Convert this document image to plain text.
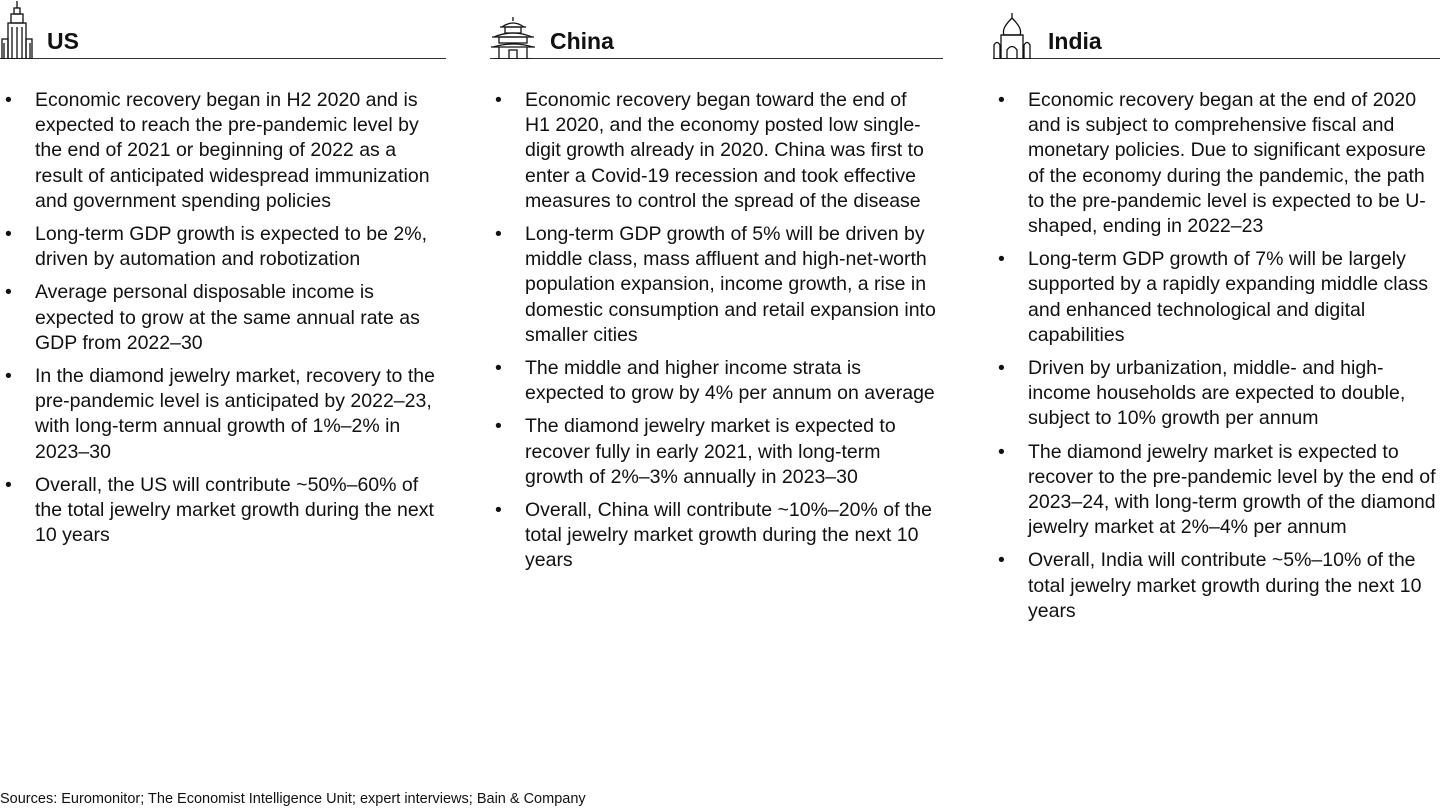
US
• Economic recovery began in H2 2020 and is expected to reach the pre-pandemic level by the end of 2021 or beginning of 2022 as a result of anticipated widespread immunization and government spending policies
• Long-term GDP growth is expected to be 2%, driven by automation and robotization
• Average personal disposable income is expected to grow at the same annual rate as GDP from 2022–30
• In the diamond jewelry market, recovery to the pre-pandemic level is anticipated by 2022–23, with long-term annual growth of 1%–2% in 2023–30
• Overall, the US will contribute ~50%–60% of the total jewelry market growth during the next 10 years
China
• Economic recovery began toward the end of H1 2020, and the economy posted low single-digit growth already in 2020. China was first to enter a Covid-19 recession and took effective measures to control the spread of the disease
• Long-term GDP growth of 5% will be driven by middle class, mass affluent and high-net-worth population expansion, income growth, a rise in domestic consumption and retail expansion into smaller cities
• The middle and higher income strata is expected to grow by 4% per annum on average
• The diamond jewelry market is expected to recover fully in early 2021, with long-term growth of 2%–3% annually in 2023–30
• Overall, China will contribute ~10%–20% of the total jewelry market growth during the next 10 years
India
• Economic recovery began at the end of 2020 and is subject to comprehensive fiscal and monetary policies. Due to significant exposure of the economy during the pandemic, the path to the pre-pandemic level is expected to be U-shaped, ending in 2022–23
• Long-term GDP growth of 7% will be largely supported by a rapidly expanding middle class and enhanced technological and digital capabilities
• Driven by urbanization, middle- and high-income households are expected to double, subject to 10% growth per annum
• The diamond jewelry market is expected to recover to the pre-pandemic level by the end of 2023–24, with long-term growth of the diamond jewelry market at 2%–4% per annum
• Overall, India will contribute ~5%–10% of the total jewelry market growth during the next 10 years
Sources: Euromonitor; The Economist Intelligence Unit; expert interviews; Bain & Company
